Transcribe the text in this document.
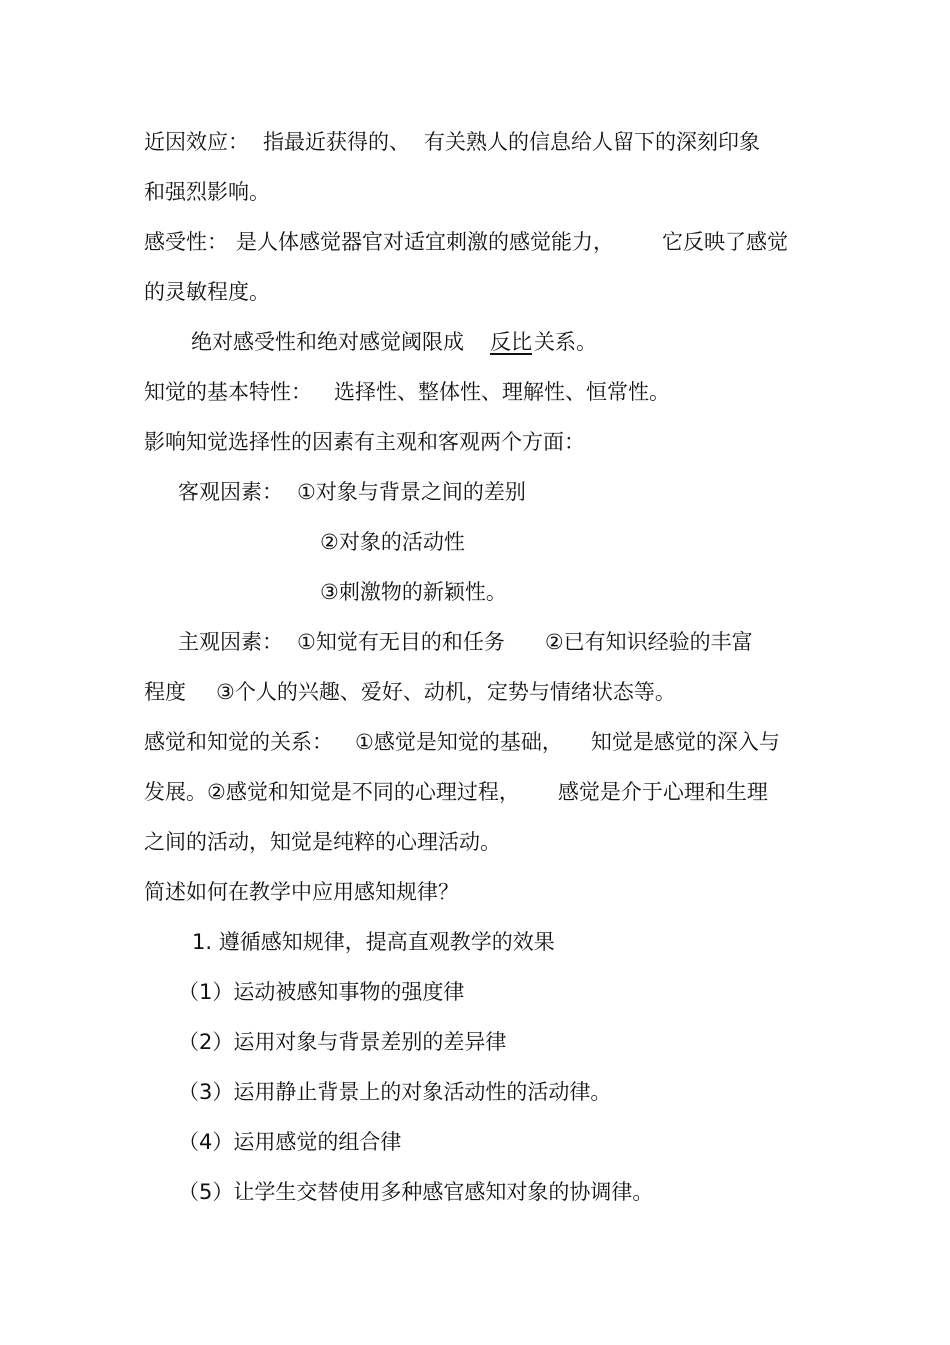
近因效应： 指最近获得的、 有关熟人的信息给人留下的深刻印象

和强烈影响。

感受性： 是人体感觉器官对适宜刺激的感觉能力， 它反映了感觉

的灵敏程度。

绝对感受性和绝对感觉阈限成 反比关系。

知觉的基本特性： 选择性、整体性、理解性、恒常性。

影响知觉选择性的因素有主观和客观两个方面：

客观因素： ①对象与背景之间的差别

②对象的活动性

③刺激物的新颖性。

主观因素： ①知觉有无目的和任务 ②已有知识经验的丰富

程度 ③个人的兴趣、爱好、动机，定势与情绪状态等。

感觉和知觉的关系： ①感觉是知觉的基础， 知觉是感觉的深入与

发展。②感觉和知觉是不同的心理过程， 感觉是介于心理和生理

之间的活动，知觉是纯粹的心理活动。

简述如何在教学中应用感知规律？

1. 遵循感知规律，提高直观教学的效果

（1）运动被感知事物的强度律

（2）运用对象与背景差别的差异律

（3）运用静止背景上的对象活动性的活动律。

（4）运用感觉的组合律

（5）让学生交替使用多种感官感知对象的协调律。
